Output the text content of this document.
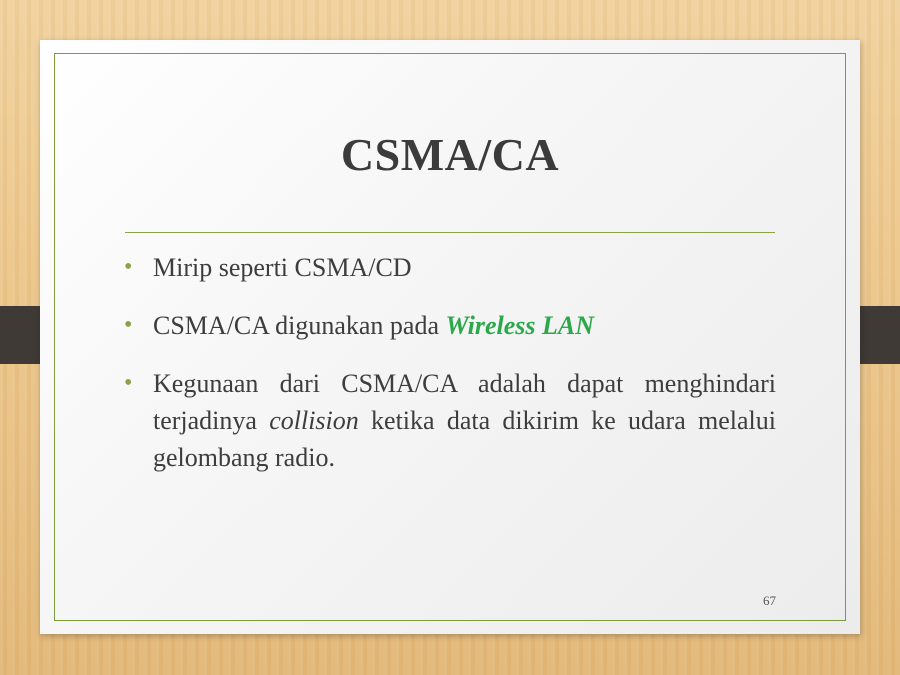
CSMA/CA
• Mirip seperti CSMA/CD
• CSMA/CA digunakan pada Wireless LAN
• Kegunaan dari CSMA/CA adalah dapat menghindari terjadinya collision ketika data dikirim ke udara melalui gelombang radio.
67
